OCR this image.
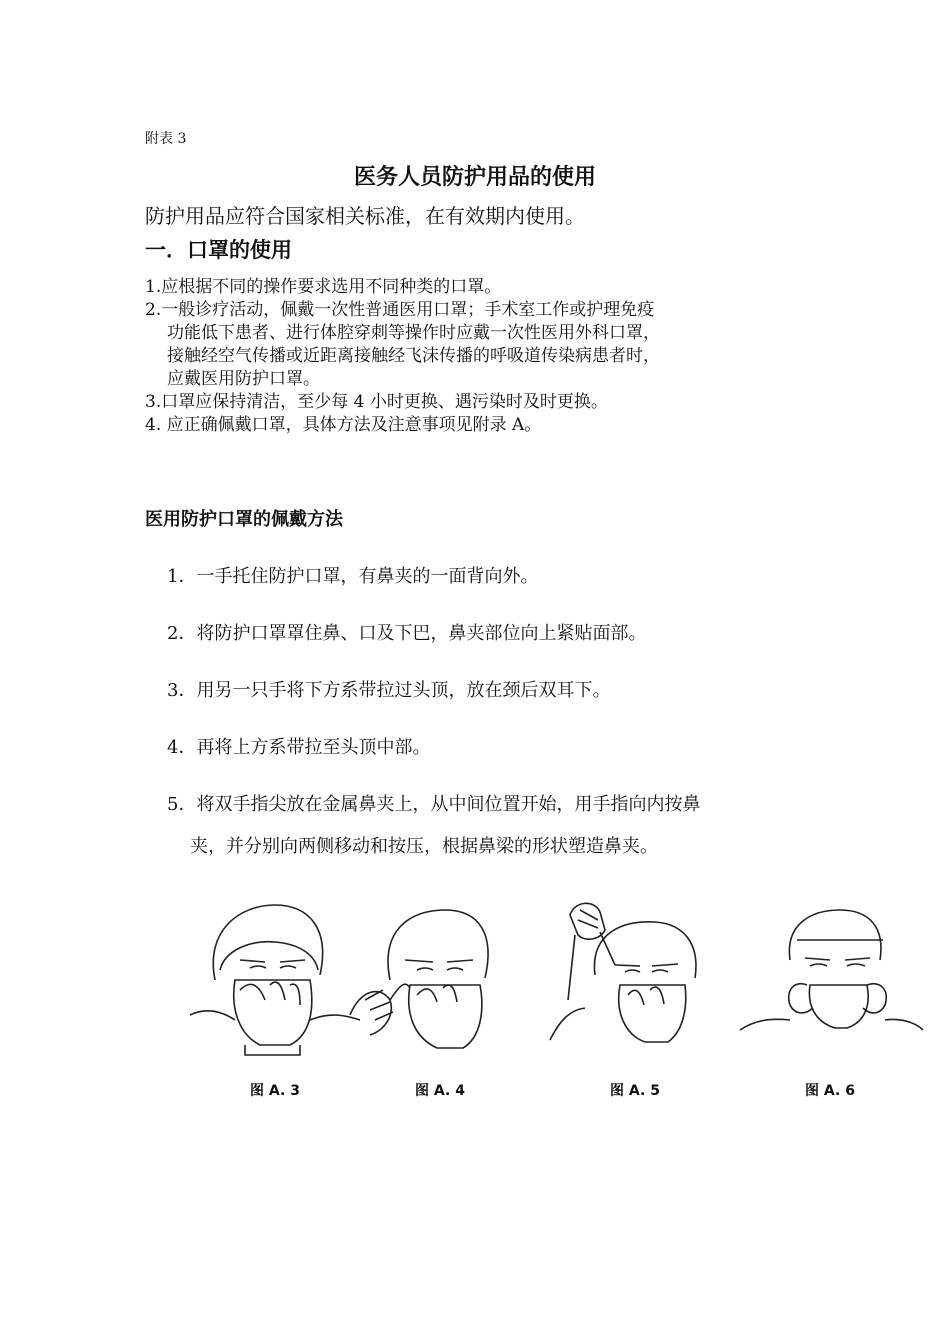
附表 3
医务人员防护用品的使用
防护用品应符合国家相关标准，在有效期内使用。
一．口罩的使用
1.应根据不同的操作要求选用不同种类的口罩。
2.一般诊疗活动，佩戴一次性普通医用口罩；手术室工作或护理免疫
功能低下患者、进行体腔穿刺等操作时应戴一次性医用外科口罩，
接触经空气传播或近距离接触经飞沫传播的呼吸道传染病患者时，
应戴医用防护口罩。
3.口罩应保持清洁，至少每 4 小时更换、遇污染时及时更换。
4. 应正确佩戴口罩，具体方法及注意事项见附录 A。
医用防护口罩的佩戴方法
1．一手托住防护口罩，有鼻夹的一面背向外。
2．将防护口罩罩住鼻、口及下巴，鼻夹部位向上紧贴面部。
3．用另一只手将下方系带拉过头顶，放在颈后双耳下。
4．再将上方系带拉至头顶中部。
5．将双手指尖放在金属鼻夹上，从中间位置开始，用手指向内按鼻
夹，并分别向两侧移动和按压，根据鼻梁的形状塑造鼻夹。
图 A. 3	图 A. 4	图 A. 5	图 A. 6
